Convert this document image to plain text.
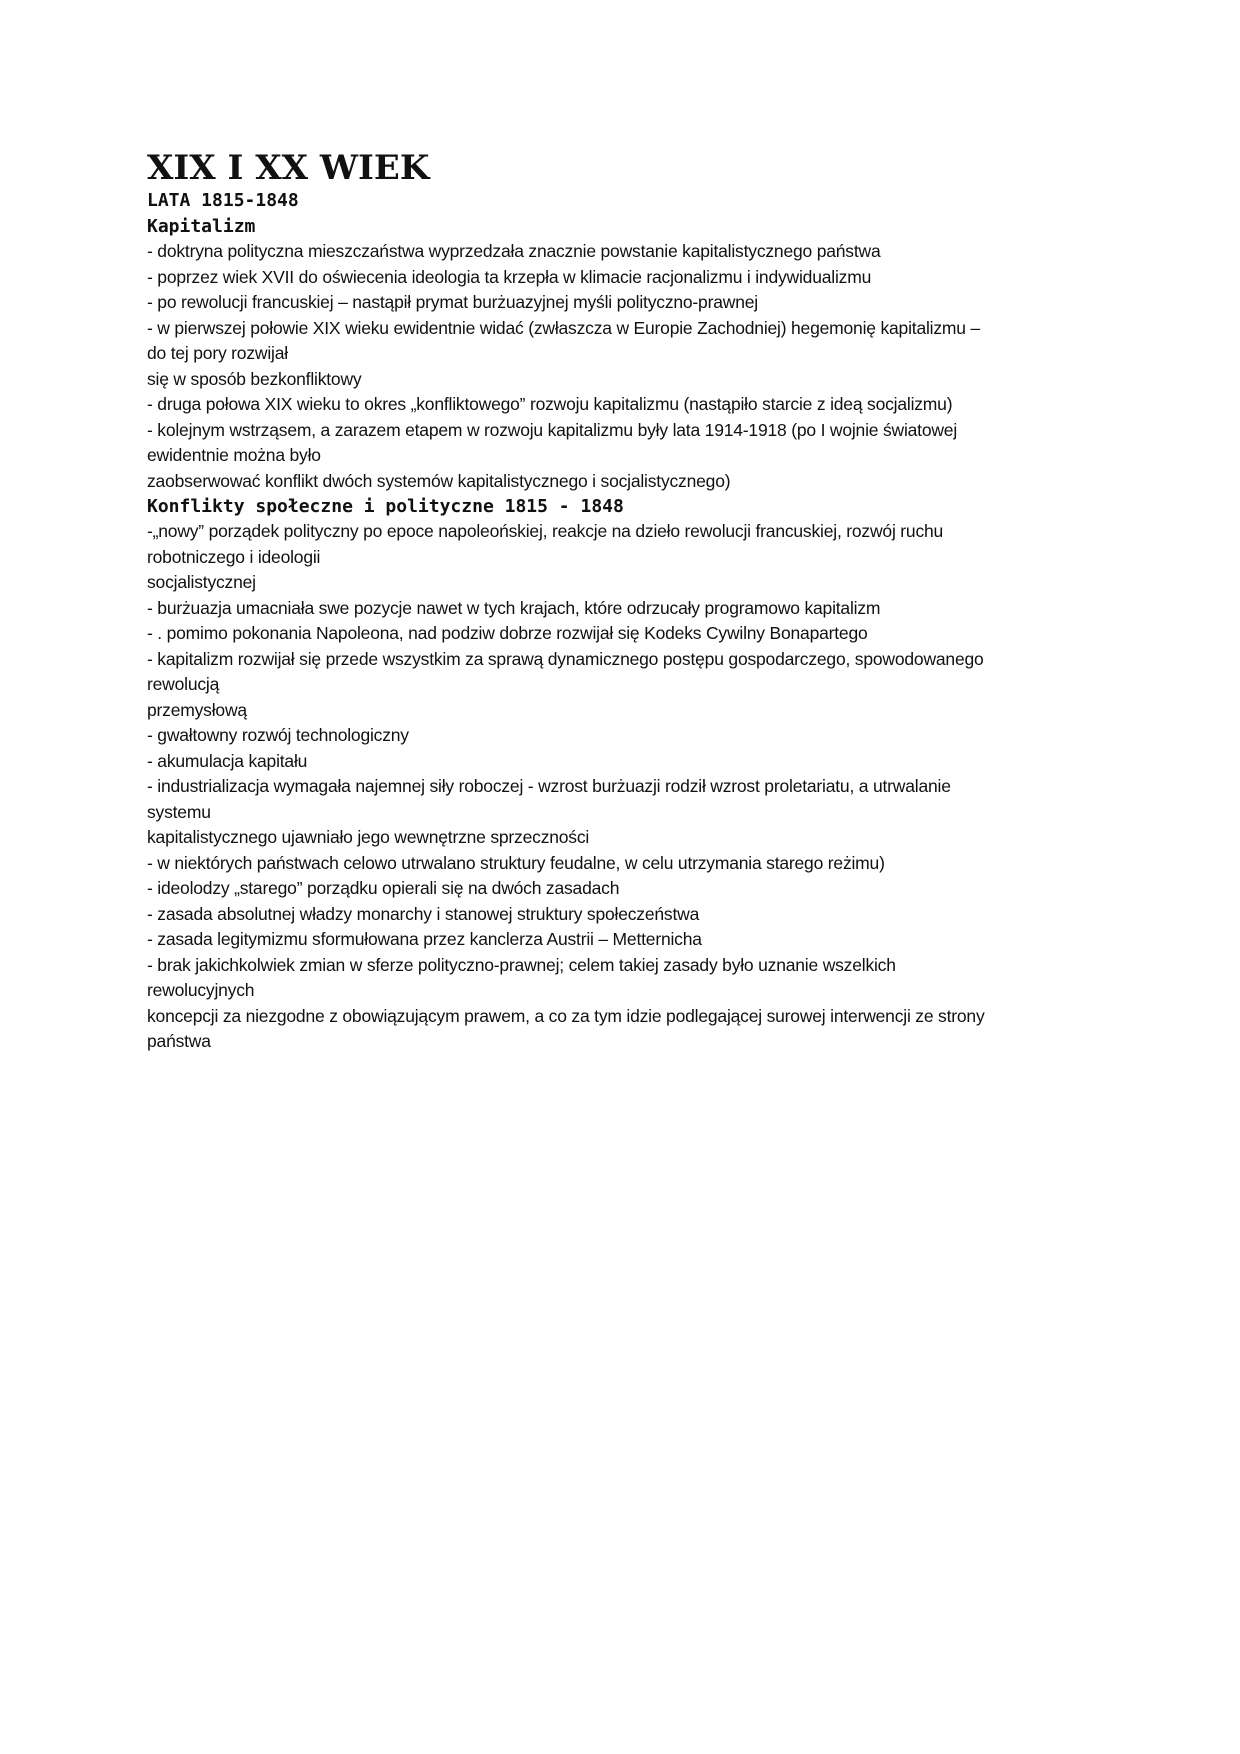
XIX I XX WIEK
LATA 1815-1848
Kapitalizm
- doktryna polityczna mieszczaństwa wyprzedzała znacznie powstanie kapitalistycznego państwa
- poprzez wiek XVII do oświecenia ideologia ta krzepła w klimacie racjonalizmu i indywidualizmu
- po rewolucji francuskiej – nastąpił prymat burżuazyjnej myśli polityczno-prawnej
- w pierwszej połowie XIX wieku ewidentnie widać (zwłaszcza w Europie Zachodniej) hegemonię kapitalizmu –
do tej pory rozwijał
się w sposób bezkonfliktowy
- druga połowa XIX wieku to okres „konfliktowego” rozwoju kapitalizmu (nastąpiło starcie z ideą socjalizmu)
- kolejnym wstrząsem, a zarazem etapem w rozwoju kapitalizmu były lata 1914-1918 (po I wojnie światowej
ewidentnie można było
zaobserwować konflikt dwóch systemów kapitalistycznego i socjalistycznego)
Konflikty społeczne i polityczne 1815 - 1848
-„nowy” porządek polityczny po epoce napoleońskiej, reakcje na dzieło rewolucji francuskiej, rozwój ruchu
robotniczego i ideologii
socjalistycznej
- burżuazja umacniała swe pozycje nawet w tych krajach, które odrzucały programowo kapitalizm
- . pomimo pokonania Napoleona, nad podziw dobrze rozwijał się Kodeks Cywilny Bonapartego
- kapitalizm rozwijał się przede wszystkim za sprawą dynamicznego postępu gospodarczego, spowodowanego
rewolucją
przemysłową
- gwałtowny rozwój technologiczny
- akumulacja kapitału
- industrializacja wymagała najemnej siły roboczej - wzrost burżuazji rodził wzrost proletariatu, a utrwalanie
systemu
kapitalistycznego ujawniało jego wewnętrzne sprzeczności
- w niektórych państwach celowo utrwalano struktury feudalne, w celu utrzymania starego reżimu)
- ideolodzy „starego” porządku opierali się na dwóch zasadach
- zasada absolutnej władzy monarchy i stanowej struktury społeczeństwa
- zasada legitymizmu sformułowana przez kanclerza Austrii – Metternicha
- brak jakichkolwiek zmian w sferze polityczno-prawnej; celem takiej zasady było uznanie wszelkich
rewolucyjnych
koncepcji za niezgodne z obowiązującym prawem, a co za tym idzie podlegającej surowej interwencji ze strony
państwa
